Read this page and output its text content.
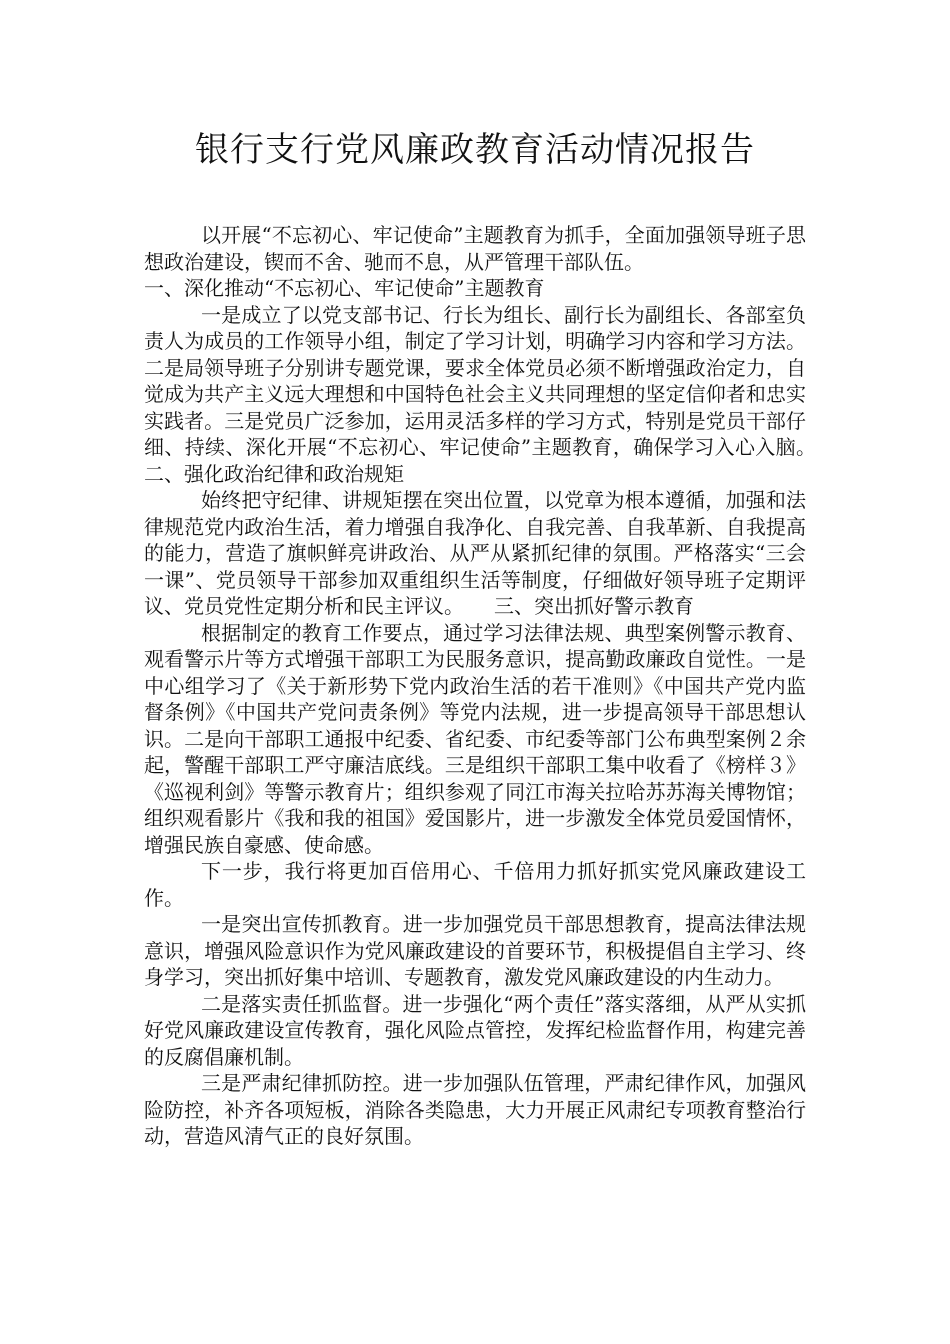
银行支行党风廉政教育活动情况报告

以开展“不忘初心、牢记使命”主题教育为抓手，全面加强领导班子思想政治建设，锲而不舍、驰而不息，从严管理干部队伍。

一、深化推动“不忘初心、牢记使命”主题教育

一是成立了以党支部书记、行长为组长、副行长为副组长、各部室负责人为成员的工作领导小组，制定了学习计划，明确学习内容和学习方法。二是局领导班子分别讲专题党课，要求全体党员必须不断增强政治定力，自觉成为共产主义远大理想和中国特色社会主义共同理想的坚定信仰者和忠实实践者。三是党员广泛参加，运用灵活多样的学习方式，特别是党员干部仔细、持续、深化开展“不忘初心、牢记使命”主题教育，确保学习入心入脑。　　二、强化政治纪律和政治规矩

始终把守纪律、讲规矩摆在突出位置，以党章为根本遵循，加强和法律规范党内政治生活，着力增强自我净化、自我完善、自我革新、自我提高的能力，营造了旗帜鲜亮讲政治、从严从紧抓纪律的氛围。严格落实“三会一课”、党员领导干部参加双重组织生活等制度，仔细做好领导班子定期评议、党员党性定期分析和民主评议。　　三、突出抓好警示教育

根据制定的教育工作要点，通过学习法律法规、典型案例警示教育、观看警示片等方式增强干部职工为民服务意识，提高勤政廉政自觉性。一是中心组学习了《关于新形势下党内政治生活的若干准则》《中国共产党内监督条例》《中国共产党问责条例》等党内法规，进一步提高领导干部思想认识。二是向干部职工通报中纪委、省纪委、市纪委等部门公布典型案例２余起，警醒干部职工严守廉洁底线。三是组织干部职工集中收看了《榜样３》《巡视利剑》等警示教育片；组织参观了同江市海关拉哈苏苏海关博物馆；组织观看影片《我和我的祖国》爱国影片，进一步激发全体党员爱国情怀，增强民族自豪感、使命感。

下一步，我行将更加百倍用心、千倍用力抓好抓实党风廉政建设工作。

一是突出宣传抓教育。进一步加强党员干部思想教育，提高法律法规意识，增强风险意识作为党风廉政建设的首要环节，积极提倡自主学习、终身学习，突出抓好集中培训、专题教育，激发党风廉政建设的内生动力。

二是落实责任抓监督。进一步强化“两个责任”落实落细，从严从实抓好党风廉政建设宣传教育，强化风险点管控，发挥纪检监督作用，构建完善的反腐倡廉机制。

三是严肃纪律抓防控。进一步加强队伍管理，严肃纪律作风，加强风险防控，补齐各项短板，消除各类隐患，大力开展正风肃纪专项教育整治行动，营造风清气正的良好氛围。
